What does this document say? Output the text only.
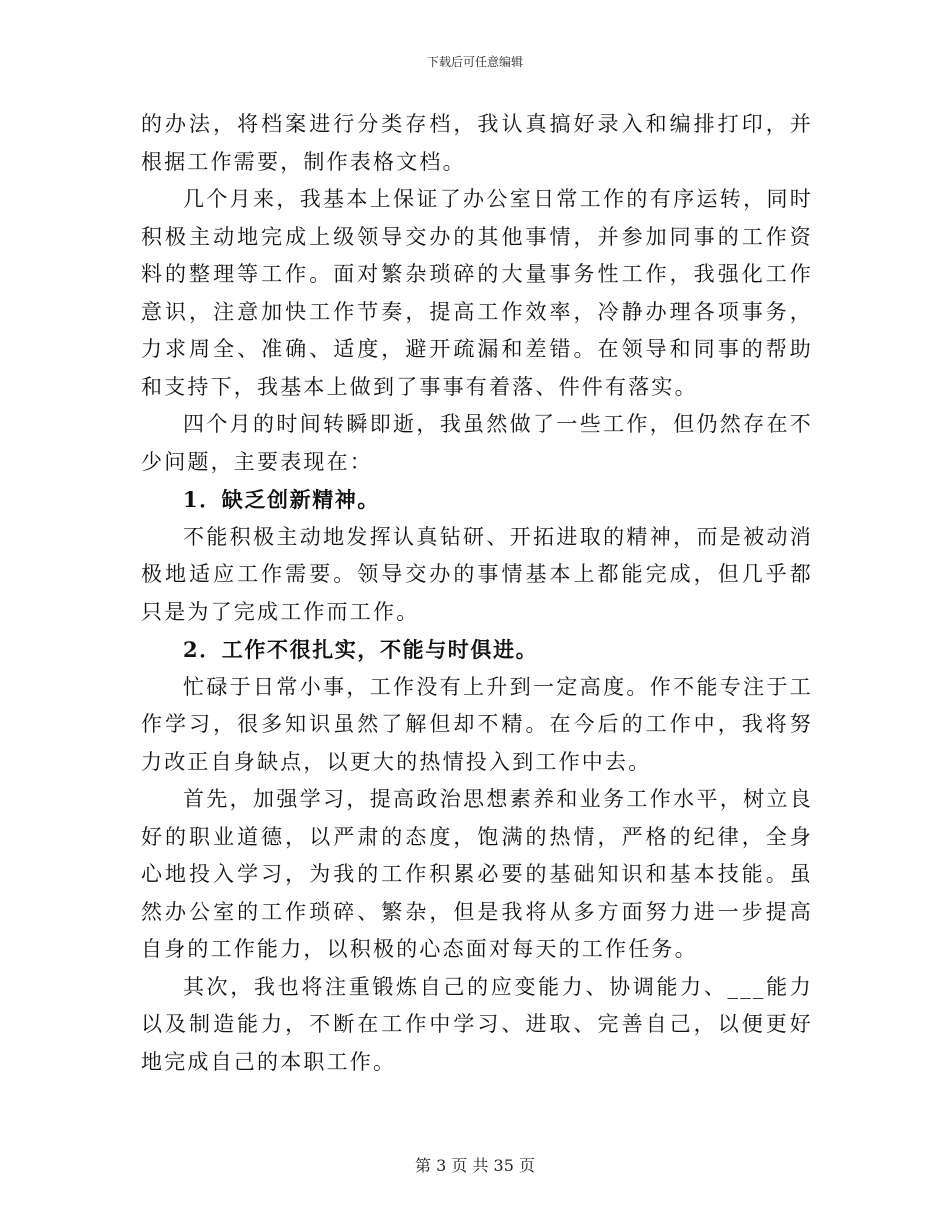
下载后可任意编辑

的办法，将档案进行分类存档，我认真搞好录入和编排打印，并根据工作需要，制作表格文档。

几个月来，我基本上保证了办公室日常工作的有序运转，同时积极主动地完成上级领导交办的其他事情，并参加同事的工作资料的整理等工作。面对繁杂琐碎的大量事务性工作，我强化工作意识，注意加快工作节奏，提高工作效率，冷静办理各项事务，力求周全、准确、适度，避开疏漏和差错。在领导和同事的帮助和支持下，我基本上做到了事事有着落、件件有落实。

四个月的时间转瞬即逝，我虽然做了一些工作，但仍然存在不少问题，主要表现在：

1．缺乏创新精神。

不能积极主动地发挥认真钻研、开拓进取的精神，而是被动消极地适应工作需要。领导交办的事情基本上都能完成，但几乎都只是为了完成工作而工作。

2．工作不很扎实，不能与时俱进。

忙碌于日常小事，工作没有上升到一定高度。作不能专注于工作学习，很多知识虽然了解但却不精。在今后的工作中，我将努力改正自身缺点，以更大的热情投入到工作中去。

首先，加强学习，提高政治思想素养和业务工作水平，树立良好的职业道德，以严肃的态度，饱满的热情，严格的纪律，全身心地投入学习，为我的工作积累必要的基础知识和基本技能。虽然办公室的工作琐碎、繁杂，但是我将从多方面努力进一步提高自身的工作能力，以积极的心态面对每天的工作任务。

其次，我也将注重锻炼自己的应变能力、协调能力、___能力以及制造能力，不断在工作中学习、进取、完善自己，以便更好地完成自己的本职工作。

第 3 页 共 35 页
